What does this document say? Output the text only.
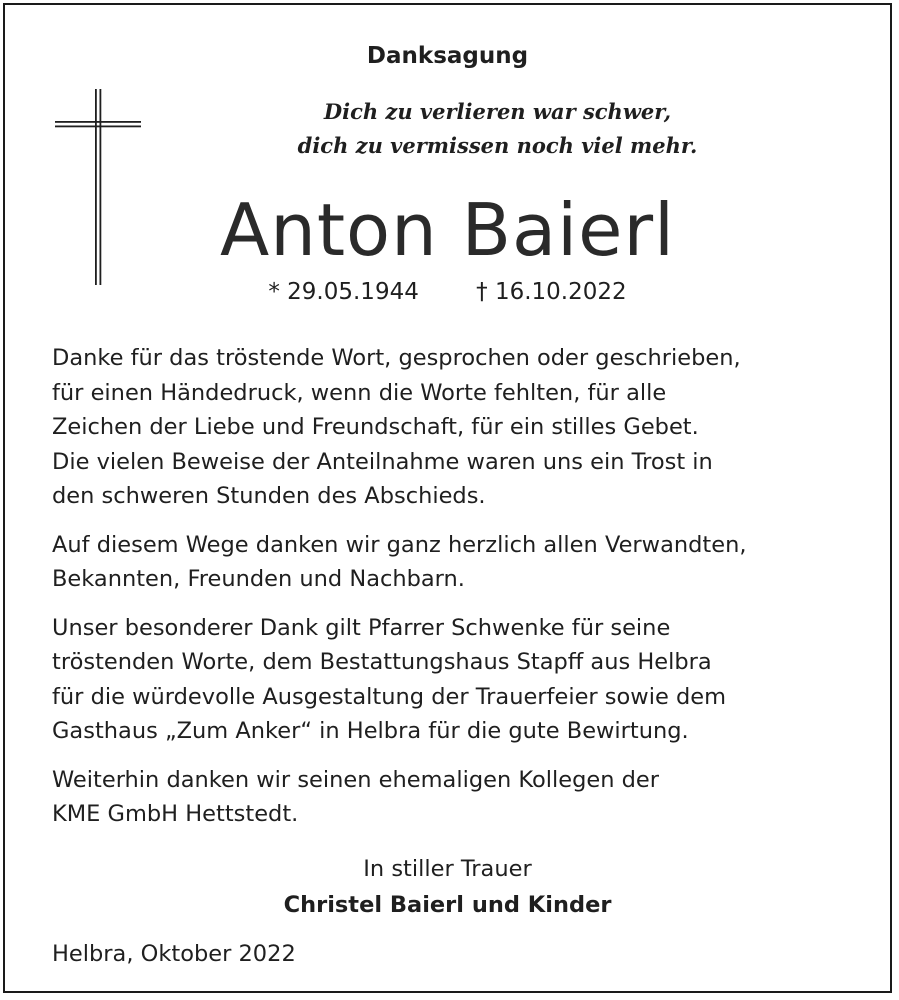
Danksagung
Dich zu verlieren war schwer,
dich zu vermissen noch viel mehr.
Anton Baierl
* 29.05.1944 † 16.10.2022

Danke für das tröstende Wort, gesprochen oder geschrieben,
für einen Händedruck, wenn die Worte fehlten, für alle
Zeichen der Liebe und Freundschaft, für ein stilles Gebet.
Die vielen Beweise der Anteilnahme waren uns ein Trost in
den schweren Stunden des Abschieds.

Auf diesem Wege danken wir ganz herzlich allen Verwandten,
Bekannten, Freunden und Nachbarn.

Unser besonderer Dank gilt Pfarrer Schwenke für seine
tröstenden Worte, dem Bestattungshaus Stapff aus Helbra
für die würdevolle Ausgestaltung der Trauerfeier sowie dem
Gasthaus „Zum Anker“ in Helbra für die gute Bewirtung.

Weiterhin danken wir seinen ehemaligen Kollegen der
KME GmbH Hettstedt.

In stiller Trauer
Christel Baierl und Kinder
Helbra, Oktober 2022
